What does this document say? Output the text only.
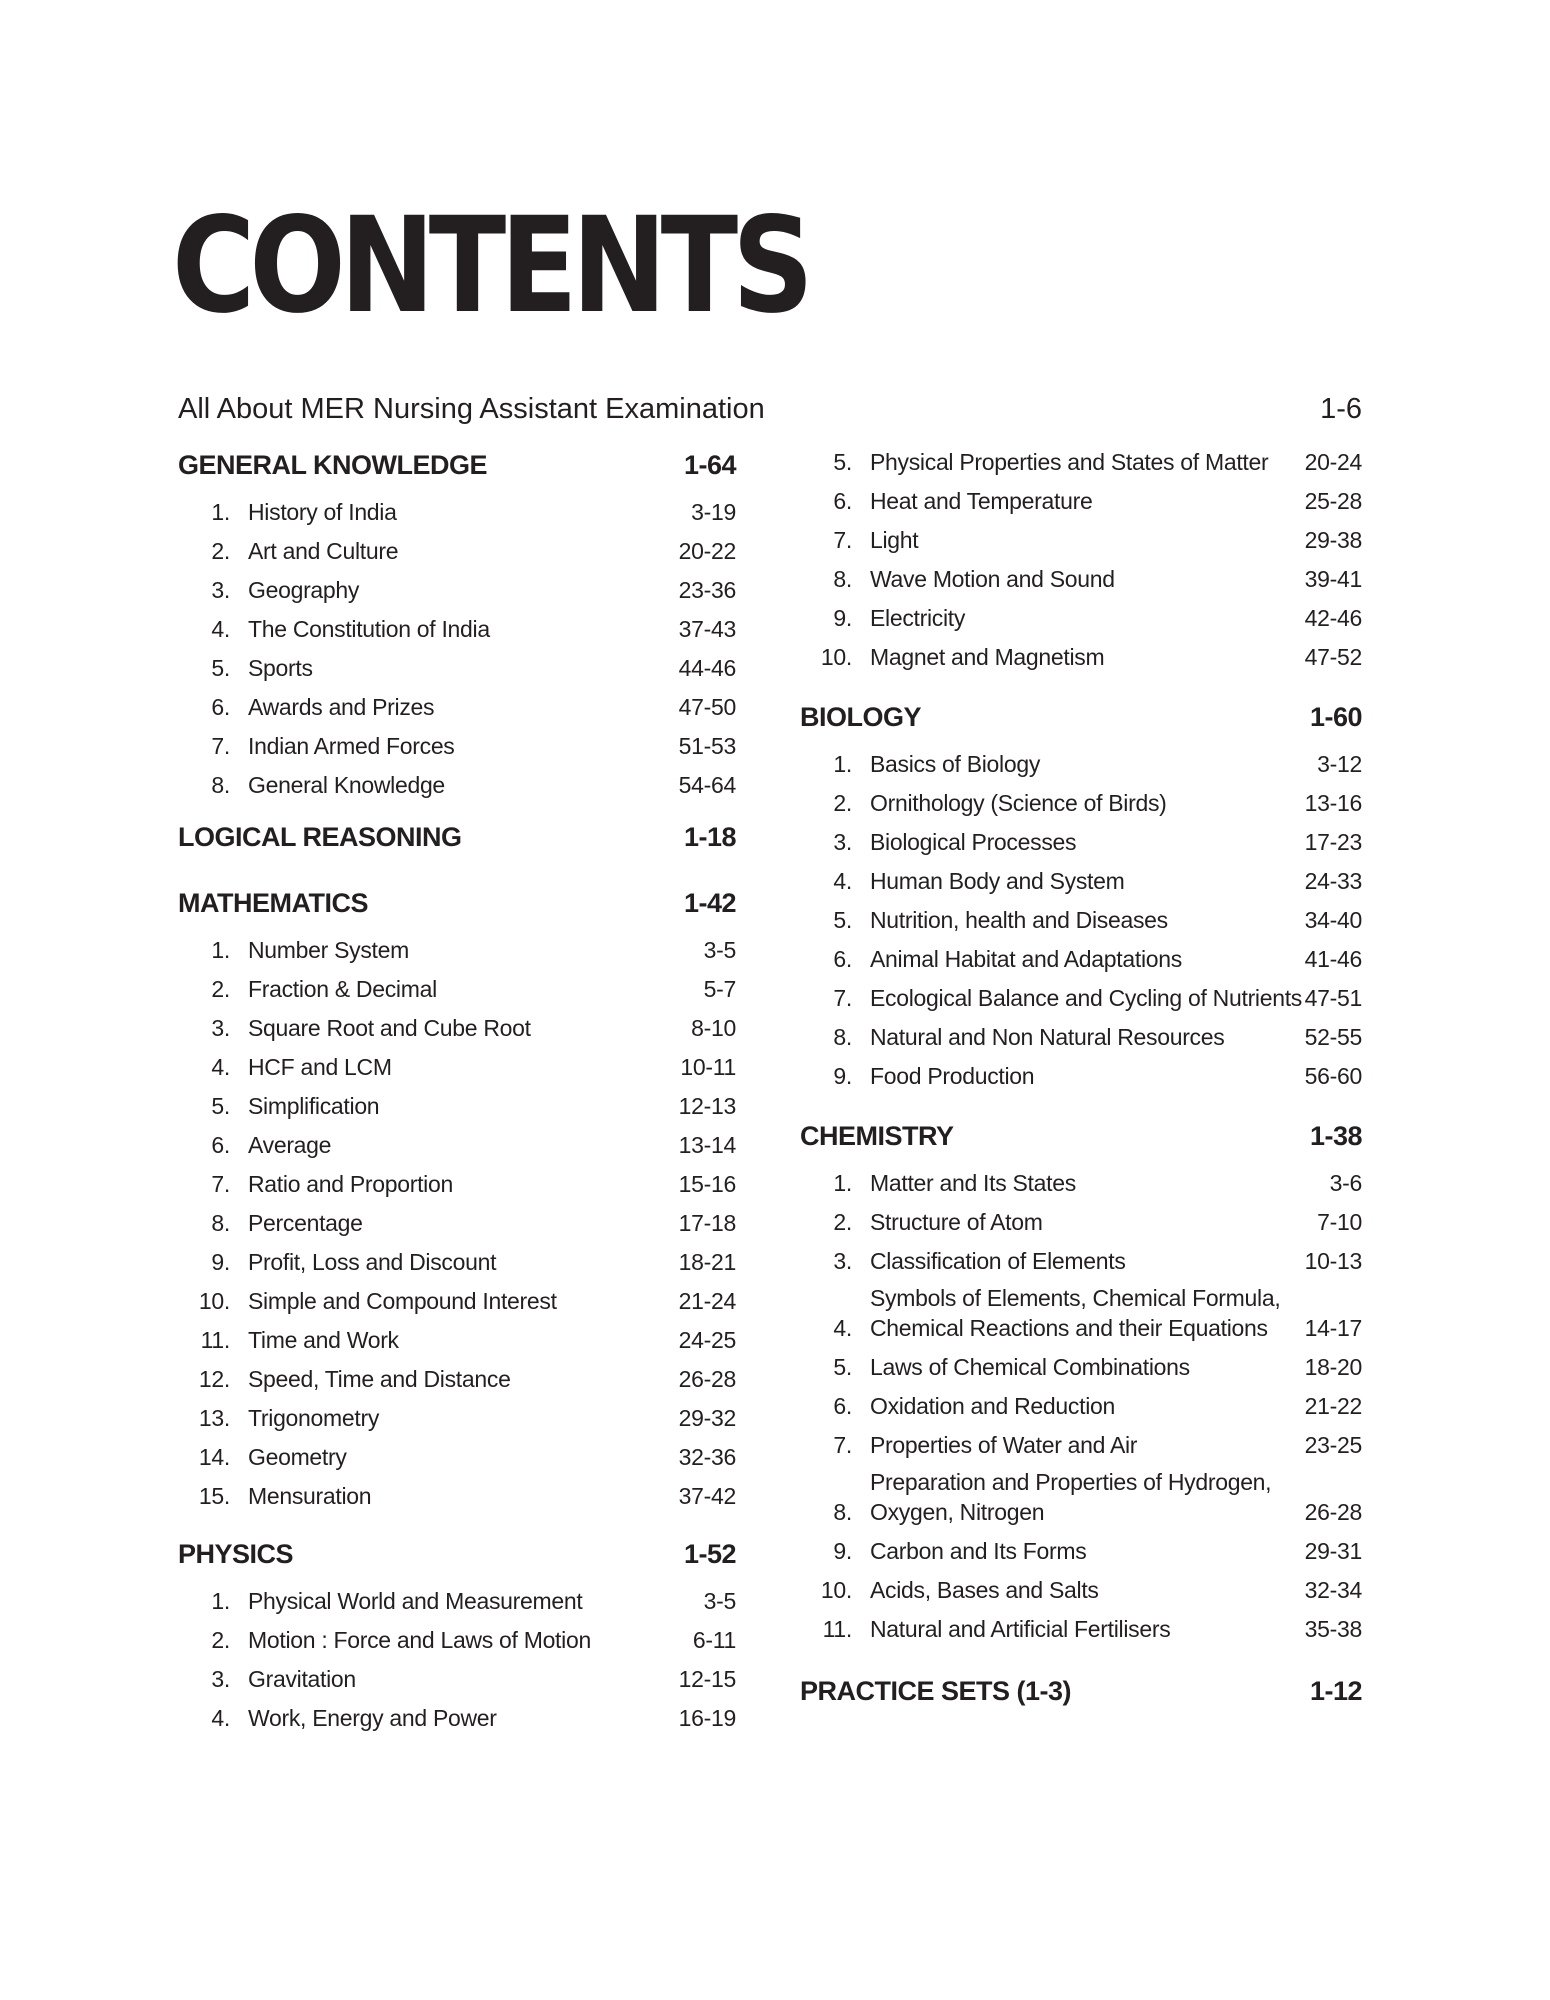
CONTENTS
All About MER Nursing Assistant Examination	1-6
GENERAL KNOWLEDGE	1-64
1. History of India	3-19
2. Art and Culture	20-22
3. Geography	23-36
4. The Constitution of India	37-43
5. Sports	44-46
6. Awards and Prizes	47-50
7. Indian Armed Forces	51-53
8. General Knowledge	54-64
LOGICAL REASONING	1-18
MATHEMATICS	1-42
1. Number System	3-5
2. Fraction & Decimal	5-7
3. Square Root and Cube Root	8-10
4. HCF and LCM	10-11
5. Simplification	12-13
6. Average	13-14
7. Ratio and Proportion	15-16
8. Percentage	17-18
9. Profit, Loss and Discount	18-21
10. Simple and Compound Interest	21-24
11. Time and Work	24-25
12. Speed, Time and Distance	26-28
13. Trigonometry	29-32
14. Geometry	32-36
15. Mensuration	37-42
PHYSICS	1-52
1. Physical World and Measurement	3-5
2. Motion : Force and Laws of Motion	6-11
3. Gravitation	12-15
4. Work, Energy and Power	16-19
5. Physical Properties and States of Matter	20-24
6. Heat and Temperature	25-28
7. Light	29-38
8. Wave Motion and Sound	39-41
9. Electricity	42-46
10. Magnet and Magnetism	47-52
BIOLOGY	1-60
1. Basics of Biology	3-12
2. Ornithology (Science of Birds)	13-16
3. Biological Processes	17-23
4. Human Body and System	24-33
5. Nutrition, health and Diseases	34-40
6. Animal Habitat and Adaptations	41-46
7. Ecological Balance and Cycling of Nutrients 47-51
8. Natural and Non Natural Resources	52-55
9. Food Production	56-60
CHEMISTRY	1-38
1. Matter and Its States	3-6
2. Structure of Atom	7-10
3. Classification of Elements	10-13
4.
Symbols of Elements, Chemical Formula, Chemical Reactions and their Equations	14-17
5. Laws of Chemical Combinations	18-20
6. Oxidation and Reduction	21-22
7. Properties of Water and Air	23-25
8.
Preparation and Properties of Hydrogen, Oxygen, Nitrogen	26-28
9. Carbon and Its Forms	29-31
10. Acids, Bases and Salts	32-34
11. Natural and Artificial Fertilisers	35-38
PRACTICE SETS (1-3)	1-12
